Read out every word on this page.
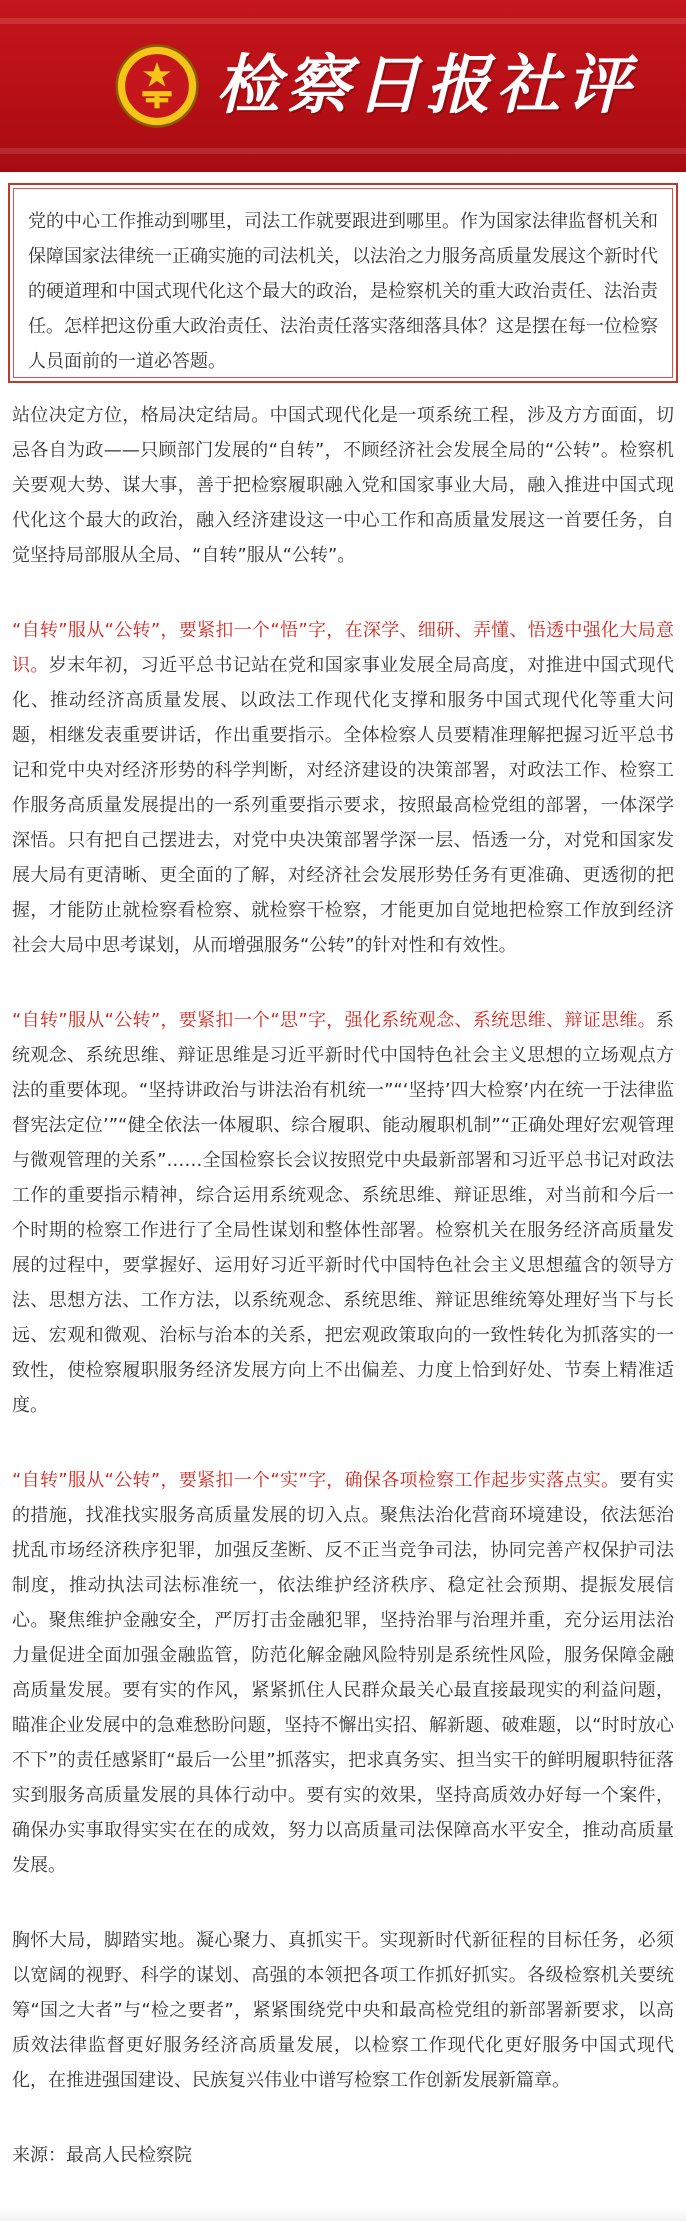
检察日报社评
党的中心工作推动到哪里，司法工作就要跟进到哪里。作为国家法律监督机关和保障国家法律统一正确实施的司法机关，以法治之力服务高质量发展这个新时代的硬道理和中国式现代化这个最大的政治，是检察机关的重大政治责任、法治责任。怎样把这份重大政治责任、法治责任落实落细落具体？这是摆在每一位检察人员面前的一道必答题。

站位决定方位，格局决定结局。中国式现代化是一项系统工程，涉及方方面面，切忌各自为政——只顾部门发展的“自转”，不顾经济社会发展全局的“公转”。检察机关要观大势、谋大事，善于把检察履职融入党和国家事业大局，融入推进中国式现代化这个最大的政治，融入经济建设这一中心工作和高质量发展这一首要任务，自觉坚持局部服从全局、“自转”服从“公转”。

“自转”服从“公转”，要紧扣一个“悟”字，在深学、细研、弄懂、悟透中强化大局意识。岁末年初，习近平总书记站在党和国家事业发展全局高度，对推进中国式现代化、推动经济高质量发展、以政法工作现代化支撑和服务中国式现代化等重大问题，相继发表重要讲话，作出重要指示。全体检察人员要精准理解把握习近平总书记和党中央对经济形势的科学判断，对经济建设的决策部署，对政法工作、检察工作服务高质量发展提出的一系列重要指示要求，按照最高检党组的部署，一体深学深悟。只有把自己摆进去，对党中央决策部署学深一层、悟透一分，对党和国家发展大局有更清晰、更全面的了解，对经济社会发展形势任务有更准确、更透彻的把握，才能防止就检察看检察、就检察干检察，才能更加自觉地把检察工作放到经济社会大局中思考谋划，从而增强服务“公转”的针对性和有效性。

“自转”服从“公转”，要紧扣一个“思”字，强化系统观念、系统思维、辩证思维。系统观念、系统思维、辩证思维是习近平新时代中国特色社会主义思想的立场观点方法的重要体现。“坚持讲政治与讲法治有机统一”“‘坚持’四大检察’内在统一于法律监督宪法定位’”“健全依法一体履职、综合履职、能动履职机制”“正确处理好宏观管理与微观管理的关系”……全国检察长会议按照党中央最新部署和习近平总书记对政法工作的重要指示精神，综合运用系统观念、系统思维、辩证思维，对当前和今后一个时期的检察工作进行了全局性谋划和整体性部署。检察机关在服务经济高质量发展的过程中，要掌握好、运用好习近平新时代中国特色社会主义思想蕴含的领导方法、思想方法、工作方法，以系统观念、系统思维、辩证思维统筹处理好当下与长远、宏观和微观、治标与治本的关系，把宏观政策取向的一致性转化为抓落实的一致性，使检察履职服务经济发展方向上不出偏差、力度上恰到好处、节奏上精准适度。

“自转”服从“公转”，要紧扣一个“实”字，确保各项检察工作起步实落点实。要有实的措施，找准找实服务高质量发展的切入点。聚焦法治化营商环境建设，依法惩治扰乱市场经济秩序犯罪，加强反垄断、反不正当竞争司法，协同完善产权保护司法制度，推动执法司法标准统一，依法维护经济秩序、稳定社会预期、提振发展信心。聚焦维护金融安全，严厉打击金融犯罪，坚持治罪与治理并重，充分运用法治力量促进全面加强金融监管，防范化解金融风险特别是系统性风险，服务保障金融高质量发展。要有实的作风，紧紧抓住人民群众最关心最直接最现实的利益问题，瞄准企业发展中的急难愁盼问题，坚持不懈出实招、解新题、破难题，以“时时放心不下”的责任感紧盯“最后一公里”抓落实，把求真务实、担当实干的鲜明履职特征落实到服务高质量发展的具体行动中。要有实的效果，坚持高质效办好每一个案件，确保办实事取得实实在在的成效，努力以高质量司法保障高水平安全，推动高质量发展。

胸怀大局，脚踏实地。凝心聚力、真抓实干。实现新时代新征程的目标任务，必须以宽阔的视野、科学的谋划、高强的本领把各项工作抓好抓实。各级检察机关要统筹“国之大者”与“检之要者”，紧紧围绕党中央和最高检党组的新部署新要求，以高质效法律监督更好服务经济高质量发展，以检察工作现代化更好服务中国式现代化，在推进强国建设、民族复兴伟业中谱写检察工作创新发展新篇章。

来源：最高人民检察院
